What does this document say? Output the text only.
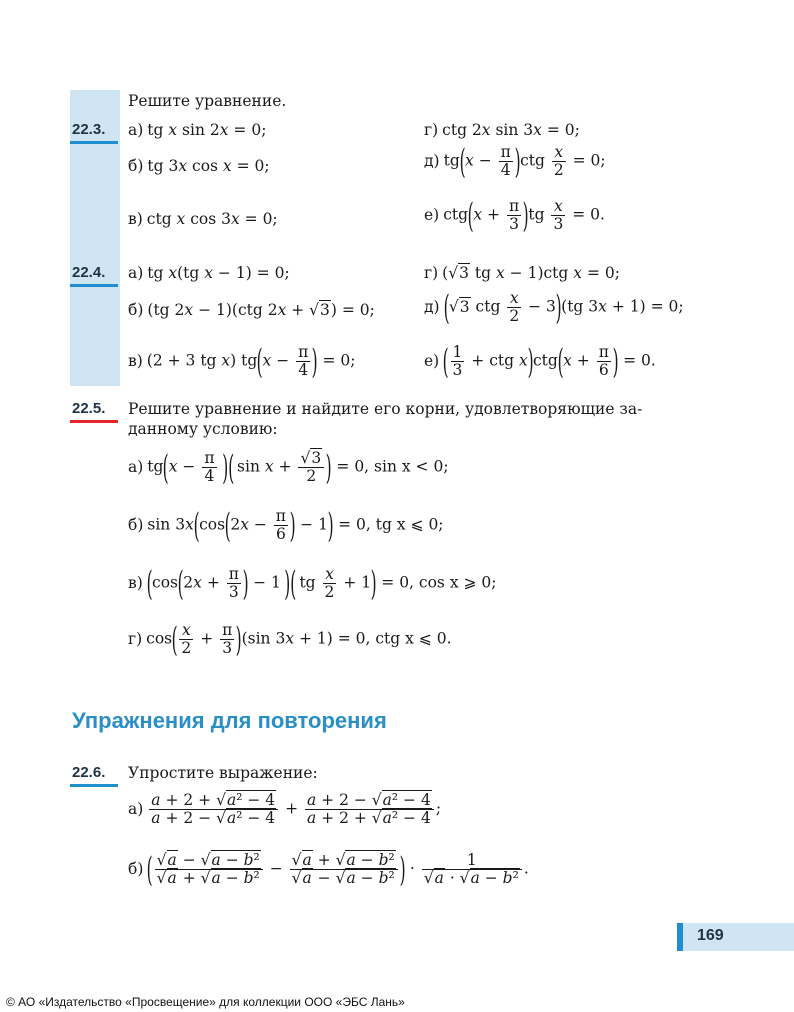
Решите уравнение.
22.3. а) tg x sin 2x = 0;	г) ctg 2x sin 3x = 0;
б) tg 3x cos x = 0;	д) $tg(x - \frac{\pi}{4} )ctg \frac{x}{2} = 0$;
в) ctg x cos 3x = 0;	е) $ctg(x + \frac{\pi}{3} )tg \frac{x}{3} = 0$.
22.4. а) tg x(tg x − 1) = 0;	г) (√3 tg x − 1)ctg x = 0;
б) (tg 2x − 1)(ctg 2x + √3) = 0;	д) (√3 ctg $\frac{x}{2} - 3)(tg$ 3x + 1) = 0;
в) (2 + 3 tg x) $tg(x - \frac{\pi}{4}$ ) = 0;	е) ( $\frac{1}{3}$ + ctg $x)ctg(x + \frac{\pi}{6}$ ) = 0.
22.5. Решите уравнение и найдите его корни, удовлетворяющие за-
данному условию:
а) $tg(x - \frac{\pi}{4}$ )( $\sin x + \frac{√3}{2}$ ) = 0, sin x < 0;
б) $\sin 3x(\cos(2x - \frac{\pi}{6}$ ) − 1) = 0, tg x ⩽ 0;
в) ($\cos(2x + \frac{\pi}{3}$ ) − 1)( tg $\frac{x}{2} + 1) = 0$, cos x ⩾ 0;
г) $\cos( \frac{x}{2} + \frac{\pi}{3} )(\sin$ 3x + 1) = 0, ctg x ⩽ 0.
Упражнения для повторения
22.6. Упростите выражение:
$а) \frac{\text{a + 2 + √a² − 4}}{\text{a + 2 − √a² − 4}} + \frac{\text{a + 2 − √a² − 4}}{\text{a + 2 + √a² − 4}}$ ;
б) ( $\frac{\text{√a − √a − b²}}{\text{√a + √a − b²}} - \frac{\text{√a + √a − b²}}{\text{√a − √a − b²}}$ ) · $\frac{1}{\text{√a · √a − b²}}$ .
169
© АО «Издательство «Просвещение» для коллекции ООО «ЭБС Лань»
